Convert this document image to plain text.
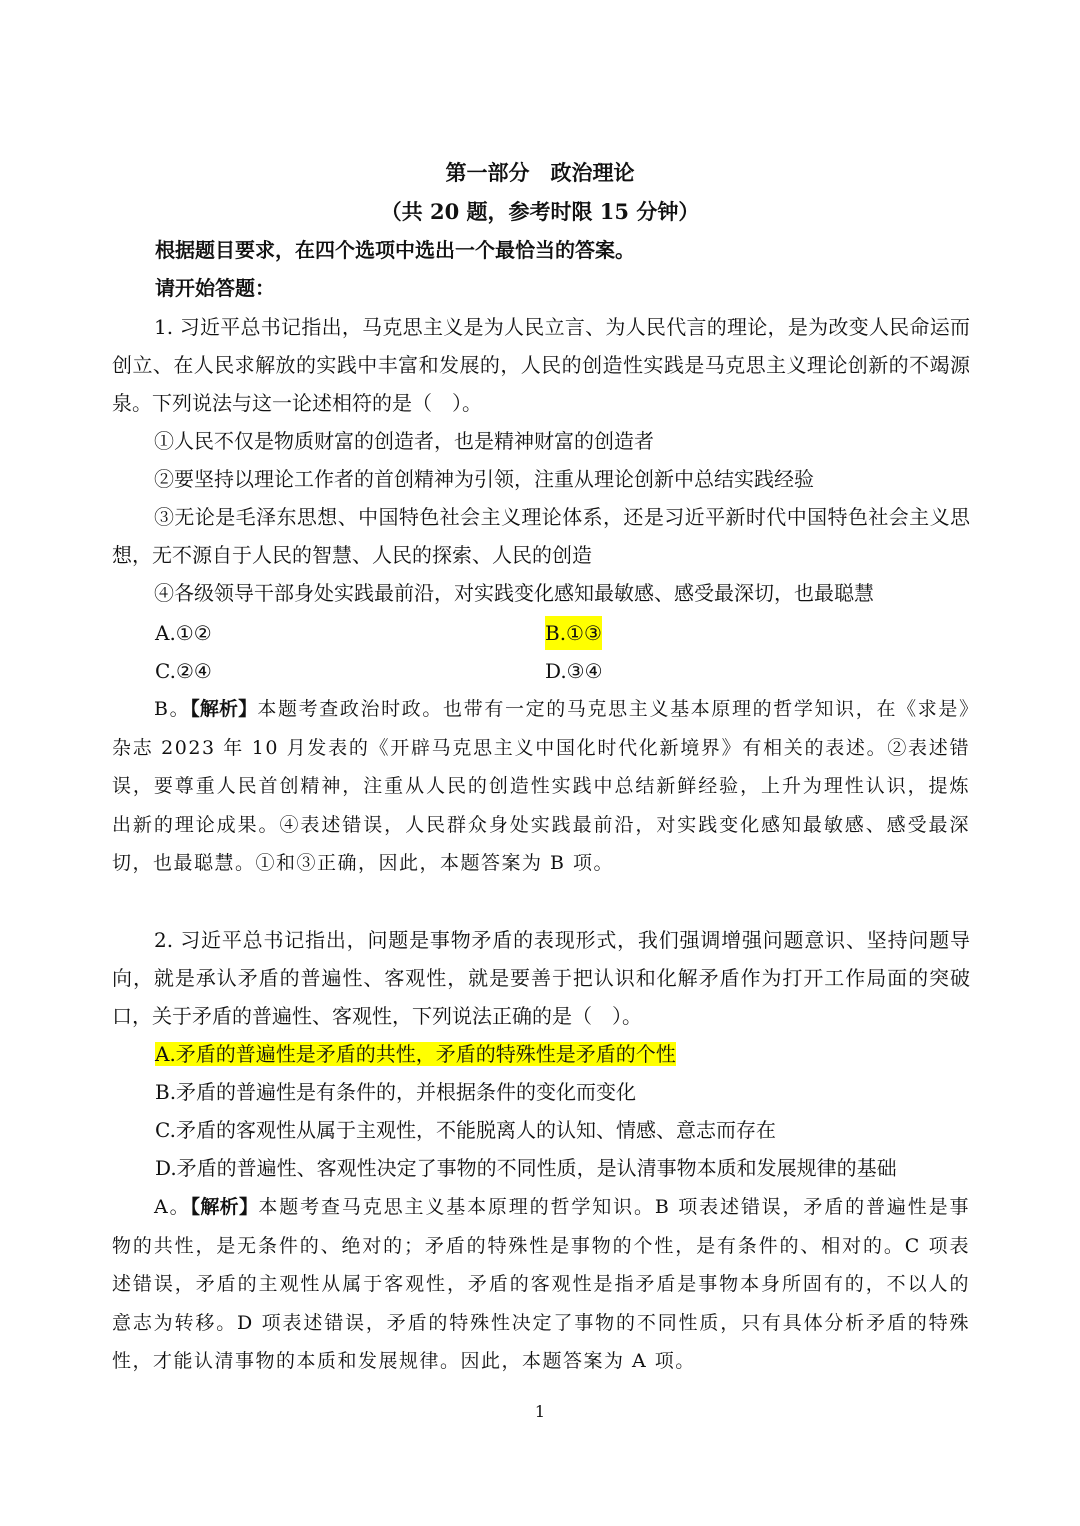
第一部分　政治理论
（共 20 题，参考时限 15 分钟）
根据题目要求，在四个选项中选出一个最恰当的答案。
请开始答题：
1. 习近平总书记指出，马克思主义是为人民立言、为人民代言的理论，是为改变人民命运而创立、在人民求解放的实践中丰富和发展的，人民的创造性实践是马克思主义理论创新的不竭源泉。下列说法与这一论述相符的是（　）。
①人民不仅是物质财富的创造者，也是精神财富的创造者
②要坚持以理论工作者的首创精神为引领，注重从理论创新中总结实践经验
③无论是毛泽东思想、中国特色社会主义理论体系，还是习近平新时代中国特色社会主义思想，无不源自于人民的智慧、人民的探索、人民的创造
④各级领导干部身处实践最前沿，对实践变化感知最敏感、感受最深切，也最聪慧
A.①②	B.①③
C.②④	D.③④
B。【解析】本题考查政治时政。也带有一定的马克思主义基本原理的哲学知识，在《求是》杂志 2023 年 10 月发表的《开辟马克思主义中国化时代化新境界》有相关的表述。②表述错误，要尊重人民首创精神，注重从人民的创造性实践中总结新鲜经验，上升为理性认识，提炼出新的理论成果。④表述错误，人民群众身处实践最前沿，对实践变化感知最敏感、感受最深切，也最聪慧。①和③正确，因此，本题答案为 B 项。
2. 习近平总书记指出，问题是事物矛盾的表现形式，我们强调增强问题意识、坚持问题导向，就是承认矛盾的普遍性、客观性，就是要善于把认识和化解矛盾作为打开工作局面的突破口，关于矛盾的普遍性、客观性，下列说法正确的是（　）。
A.矛盾的普遍性是矛盾的共性，矛盾的特殊性是矛盾的个性
B.矛盾的普遍性是有条件的，并根据条件的变化而变化
C.矛盾的客观性从属于主观性，不能脱离人的认知、情感、意志而存在
D.矛盾的普遍性、客观性决定了事物的不同性质，是认清事物本质和发展规律的基础
A。【解析】本题考查马克思主义基本原理的哲学知识。B 项表述错误，矛盾的普遍性是事物的共性，是无条件的、绝对的；矛盾的特殊性是事物的个性，是有条件的、相对的。C 项表述错误，矛盾的主观性从属于客观性，矛盾的客观性是指矛盾是事物本身所固有的，不以人的意志为转移。D 项表述错误，矛盾的特殊性决定了事物的不同性质，只有具体分析矛盾的特殊性，才能认清事物的本质和发展规律。因此，本题答案为 A 项。
1
